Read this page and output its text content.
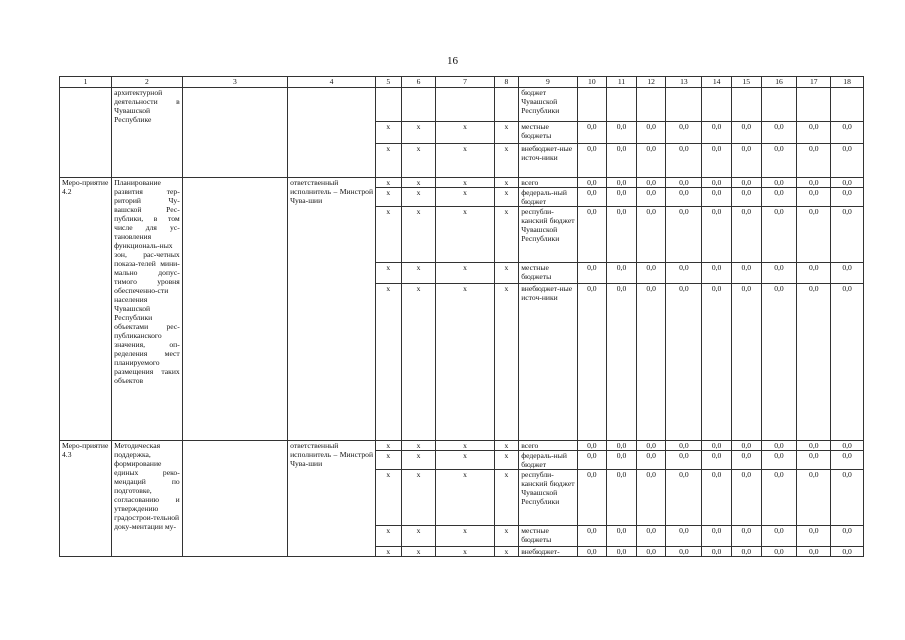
16
1	2	3	4	5	6	7	8	9	10	11	12	13	14	15	16	17	18
	архитектурной деятельности в Чувашской Республике							бюджет Чувашской Республики									
				x	x	x	x	местные бюджеты	0,0	0,0	0,0	0,0	0,0	0,0	0,0	0,0	0,0
				x	x	x	x	внебюджет-ные источ-ники	0,0	0,0	0,0	0,0	0,0	0,0	0,0	0,0	0,0
Меро-приятие 4.2	Планирование развития тер-риторий Чу-вашской Рес-публики, в том числе для ус-тановления функциональ-ных зон, рас-четных показа-телей мини-мально допус-тимого уровня обеспеченно-сти населения Чувашской Республики объектами рес-публиканского значения, оп-ределения мест планируемого размещения таких объектов		ответственный исполнитель – Минстрой Чува-шии	x	x	x	x	всего	0,0	0,0	0,0	0,0	0,0	0,0	0,0	0,0	0,0
				x	x	x	x	федераль-ный бюджет	0,0	0,0	0,0	0,0	0,0	0,0	0,0	0,0	0,0
				x	x	x	x	республи-канский бюджет Чувашской Республики	0,0	0,0	0,0	0,0	0,0	0,0	0,0	0,0	0,0
				x	x	x	x	местные бюджеты	0,0	0,0	0,0	0,0	0,0	0,0	0,0	0,0	0,0
				x	x	x	x	внебюджет-ные источ-ники	0,0	0,0	0,0	0,0	0,0	0,0	0,0	0,0	0,0
Меро-приятие 4.3	Методическая поддержка, формирование единых реко-мендаций по подготовке, согласованию и утверждению градострои-тельной доку-ментации му-		ответственный исполнитель – Минстрой Чува-шии	x	x	x	x	всего	0,0	0,0	0,0	0,0	0,0	0,0	0,0	0,0	0,0
				x	x	x	x	федераль-ный бюджет	0,0	0,0	0,0	0,0	0,0	0,0	0,0	0,0	0,0
				x	x	x	x	республи-канский бюджет Чувашской Республики	0,0	0,0	0,0	0,0	0,0	0,0	0,0	0,0	0,0
				x	x	x	x	местные бюджеты	0,0	0,0	0,0	0,0	0,0	0,0	0,0	0,0	0,0
				x	x	x	x	внебюджет-	0,0	0,0	0,0	0,0	0,0	0,0	0,0	0,0	0,0
